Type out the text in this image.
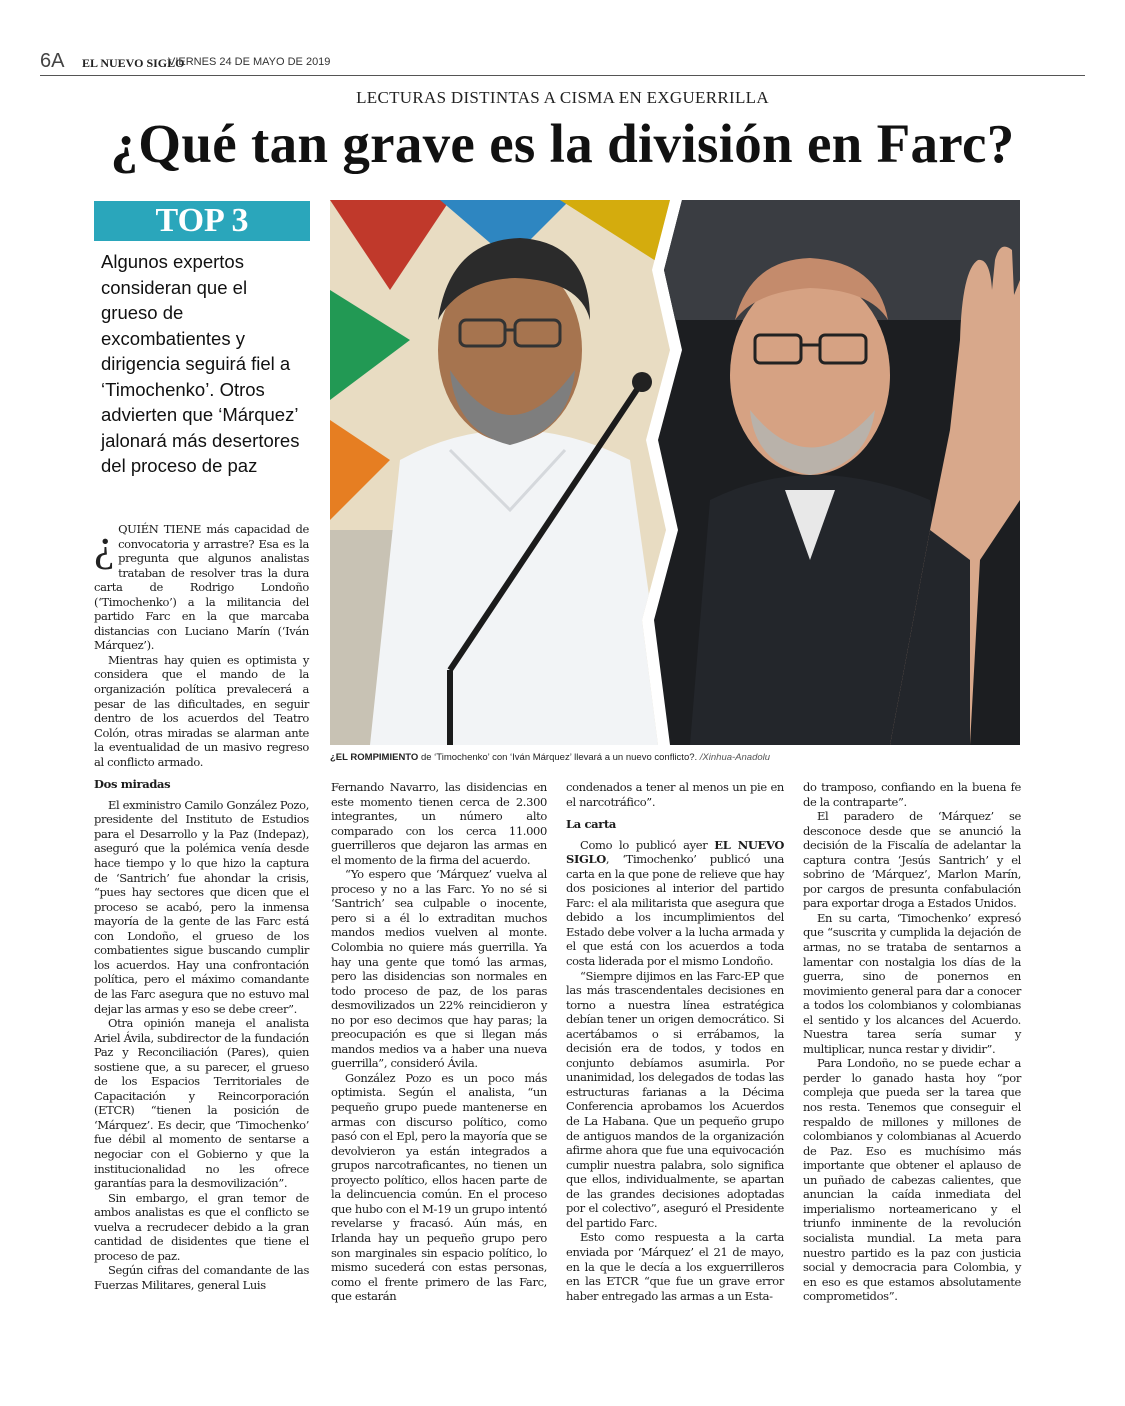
6A EL NUEVO SIGLO
VIERNES 24 DE MAYO DE 2019
LECTURAS DISTINTAS A CISMA EN EXGUERRILLA
¿Qué tan grave es la división en Farc?
TOP 3
Algunos expertos consideran que el grueso de excombatientes y dirigencia seguirá fiel a ‘Timochenko’. Otros advierten que ‘Márquez’ jalonará más desertores del proceso de paz
¿EL ROMPIMIENTO de ‘Timochenko’ con ‘Iván Márquez’ llevará a un nuevo conflicto?. /Xinhua-Anadolu

¿ QUIÉN TIENE más capacidad de convocatoria y arrastre? Esa es la pregunta que algunos analistas trataban de resolver tras la dura carta de Rodrigo Londoño (‘Timochenko’) a la militancia del partido Farc en la que marcaba distancias con Luciano Marín (‘Iván Márquez’).

Mientras hay quien es optimista y considera que el mando de la organización política prevalecerá a pesar de las dificultades, en seguir dentro de los acuerdos del Teatro Colón, otras miradas se alarman ante la eventualidad de un masivo regreso al conflicto armado.

Dos miradas

El exministro Camilo González Pozo, presidente del Instituto de Estudios para el Desarrollo y la Paz (Indepaz), aseguró que la polémica venía desde hace tiempo y lo que hizo la captura de ‘Santrich’ fue ahondar la crisis, “pues hay sectores que dicen que el proceso se acabó, pero la inmensa mayoría de la gente de las Farc está con Londoño, el grueso de los combatientes sigue buscando cumplir los acuerdos. Hay una confrontación política, pero el máximo comandante de las Farc asegura que no estuvo mal dejar las armas y eso se debe creer”.

Otra opinión maneja el analista Ariel Ávila, subdirector de la fundación Paz y Reconciliación (Pares), quien sostiene que, a su parecer, el grueso de los Espacios Territoriales de Capacitación y Reincorporación (ETCR) “tienen la posición de ‘Márquez’. Es decir, que ‘Timochenko’ fue débil al momento de sentarse a negociar con el Gobierno y que la institucionalidad no les ofrece garantías para la desmovilización”.

Sin embargo, el gran temor de ambos analistas es que el conflicto se vuelva a recrudecer debido a la gran cantidad de disidentes que tiene el proceso de paz.

Según cifras del comandante de las Fuerzas Militares, general Luis

Fernando Navarro, las disidencias en este momento tienen cerca de 2.300 integrantes, un número alto comparado con los cerca 11.000 guerrilleros que dejaron las armas en el momento de la firma del acuerdo.

“Yo espero que ‘Márquez’ vuelva al proceso y no a las Farc. Yo no sé si ‘Santrich’ sea culpable o inocente, pero si a él lo extraditan muchos mandos medios vuelven al monte. Colombia no quiere más guerrilla. Ya hay una gente que tomó las armas, pero las disidencias son normales en todo proceso de paz, de los paras desmovilizados un 22% reincidieron y no por eso decimos que hay paras; la preocupación es que si llegan más mandos medios va a haber una nueva guerrilla”, consideró Ávila.

González Pozo es un poco más optimista. Según el analista, “un pequeño grupo puede mantenerse en armas con discurso político, como pasó con el Epl, pero la mayoría que se devolvieron ya están integrados a grupos narcotraficantes, no tienen un proyecto político, ellos hacen parte de la delincuencia común. En el proceso que hubo con el M-19 un grupo intentó revelarse y fracasó. Aún más, en Irlanda hay un pequeño grupo pero son marginales sin espacio político, lo mismo sucederá con estas personas, como el frente primero de las Farc, que estarán

condenados a tener al menos un pie en el narcotráfico”.

La carta

Como lo publicó ayer EL NUEVO SIGLO, ‘Timochenko’ publicó una carta en la que pone de relieve que hay dos posiciones al interior del partido Farc: el ala militarista que asegura que debido a los incumplimientos del Estado debe volver a la lucha armada y el que está con los acuerdos a toda costa liderada por el mismo Londoño.

“Siempre dijimos en las Farc-EP que las más trascendentales decisiones en torno a nuestra línea estratégica debían tener un origen democrático. Si acertábamos o si errábamos, la decisión era de todos, y todos en conjunto debíamos asumirla. Por unanimidad, los delegados de todas las estructuras farianas a la Décima Conferencia aprobamos los Acuerdos de La Habana. Que un pequeño grupo de antiguos mandos de la organización afirme ahora que fue una equivocación cumplir nuestra palabra, solo significa que ellos, individualmente, se apartan de las grandes decisiones adoptadas por el colectivo”, aseguró el Presidente del partido Farc.

Esto como respuesta a la carta enviada por ‘Márquez’ el 21 de mayo, en la que le decía a los exguerrilleros en las ETCR “que fue un grave error haber entregado las armas a un Esta-

do tramposo, confiando en la buena fe de la contraparte”.

El paradero de ‘Márquez’ se desconoce desde que se anunció la decisión de la Fiscalía de adelantar la captura contra ‘Jesús Santrich’ y el sobrino de ‘Márquez’, Marlon Marín, por cargos de presunta confabulación para exportar droga a Estados Unidos.

En su carta, ‘Timochenko’ expresó que “suscrita y cumplida la dejación de armas, no se trataba de sentarnos a lamentar con nostalgia los días de la guerra, sino de ponernos en movimiento general para dar a conocer a todos los colombianos y colombianas el sentido y los alcances del Acuerdo. Nuestra tarea sería sumar y multiplicar, nunca restar y dividir”.

Para Londoño, no se puede echar a perder lo ganado hasta hoy “por compleja que pueda ser la tarea que nos resta. Tenemos que conseguir el respaldo de millones y millones de colombianos y colombianas al Acuerdo de Paz. Eso es muchísimo más importante que obtener el aplauso de un puñado de cabezas calientes, que anuncian la caída inmediata del imperialismo norteamericano y el triunfo inminente de la revolución socialista mundial. La meta para nuestro partido es la paz con justicia social y democracia para Colombia, y en eso es que estamos absolutamente comprometidos”.
